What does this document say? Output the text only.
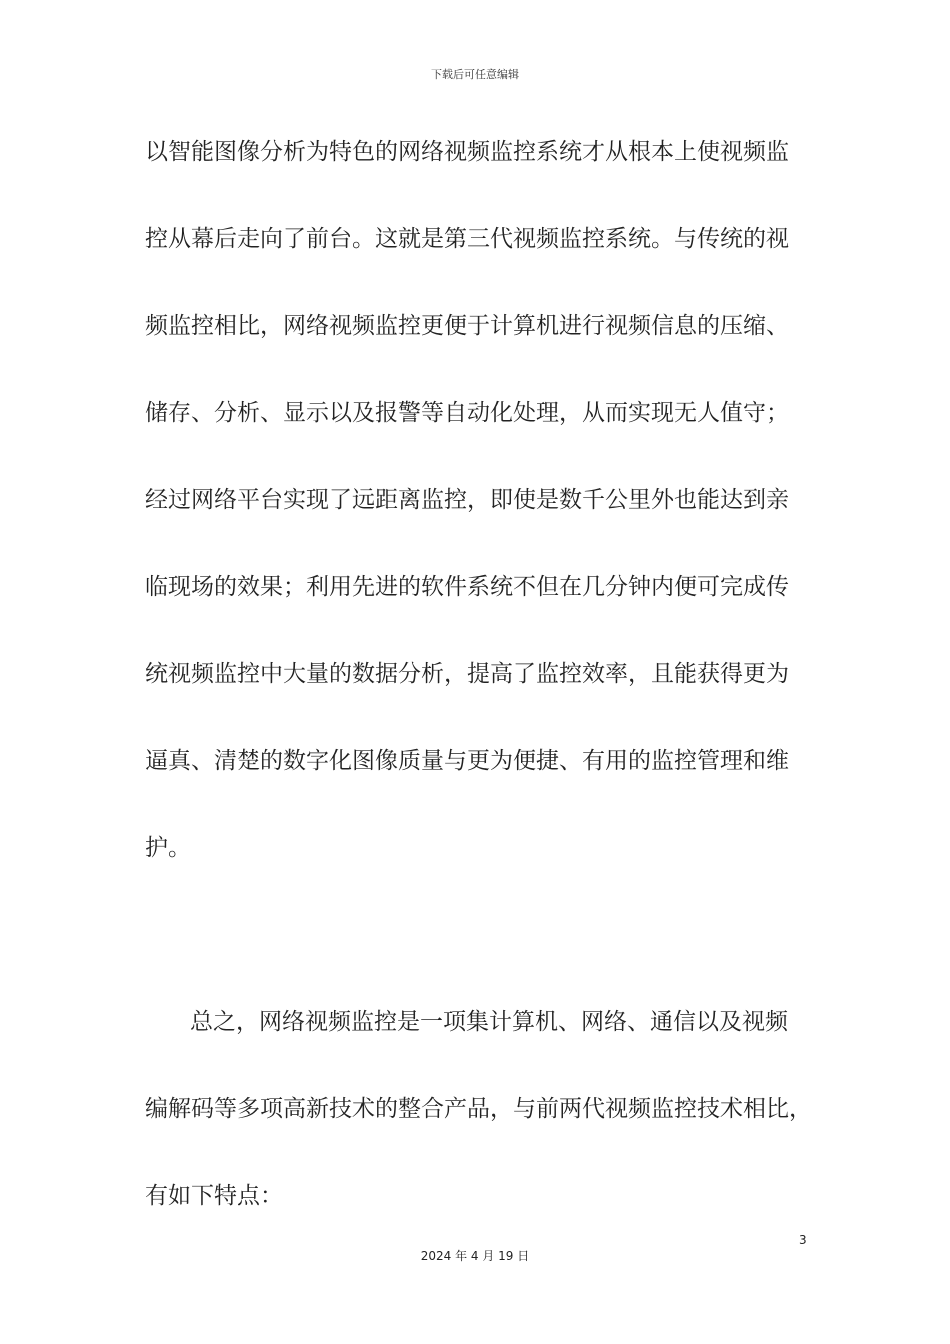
下载后可任意编辑
以智能图像分析为特色的网络视频监控系统才从根本上使视频监
控从幕后走向了前台。这就是第三代视频监控系统。与传统的视
频监控相比，网络视频监控更便于计算机进行视频信息的压缩、
储存、分析、显示以及报警等自动化处理，从而实现无人值守；
经过网络平台实现了远距离监控，即使是数千公里外也能达到亲
临现场的效果；利用先进的软件系统不但在几分钟内便可完成传
统视频监控中大量的数据分析，提高了监控效率，且能获得更为
逼真、清楚的数字化图像质量与更为便捷、有用的监控管理和维
护。
总之，网络视频监控是一项集计算机、网络、通信以及视频
编解码等多项高新技术的整合产品，与前两代视频监控技术相比，
有如下特点：
3
2024 年 4 月 19 日
